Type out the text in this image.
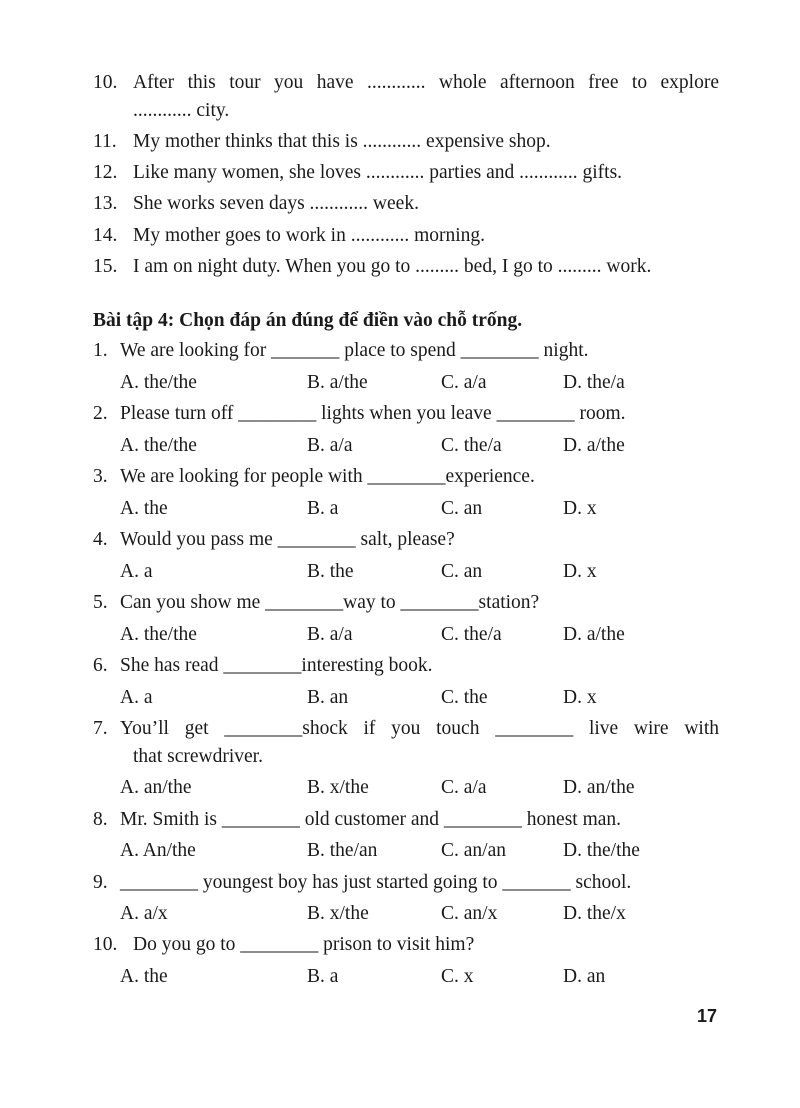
10. After this tour you have ............ whole afternoon free to explore
............ city.
11. My mother thinks that this is ............ expensive shop.
12. Like many women, she loves ............ parties and ............ gifts.
13. She works seven days ............ week.
14. My mother goes to work in ............ morning.
15. I am on night duty. When you go to ......... bed, I go to ......... work.
Bài tập 4: Chọn đáp án đúng để điền vào chỗ trống.
1. We are looking for _______ place to spend ________ night.
A. the/the	B. a/the	C. a/a	D. the/a
2. Please turn off ________ lights when you leave ________ room.
A. the/the	B. a/a	C. the/a	D. a/the
3. We are looking for people with ________experience.
A. the	B. a	C. an	D. x
4. Would you pass me ________ salt, please?
A. a	B. the	C. an	D. x
5. Can you show me ________way to ________station?
A. the/the	B. a/a	C. the/a	D. a/the
6. She has read ________interesting book.
A. a	B. an	C. the	D. x
7. You’ll get ________shock if you touch ________ live wire with
that screwdriver.
A. an/the	B. x/the	C. a/a	D. an/the
8. Mr. Smith is ________ old customer and ________ honest man.
A. An/the	B. the/an	C. an/an	D. the/the
9. ________ youngest boy has just started going to _______ school.
A. a/x	B. x/the	C. an/x	D. the/x
10. Do you go to ________ prison to visit him?
A. the	B. a	C. x	D. an
17
